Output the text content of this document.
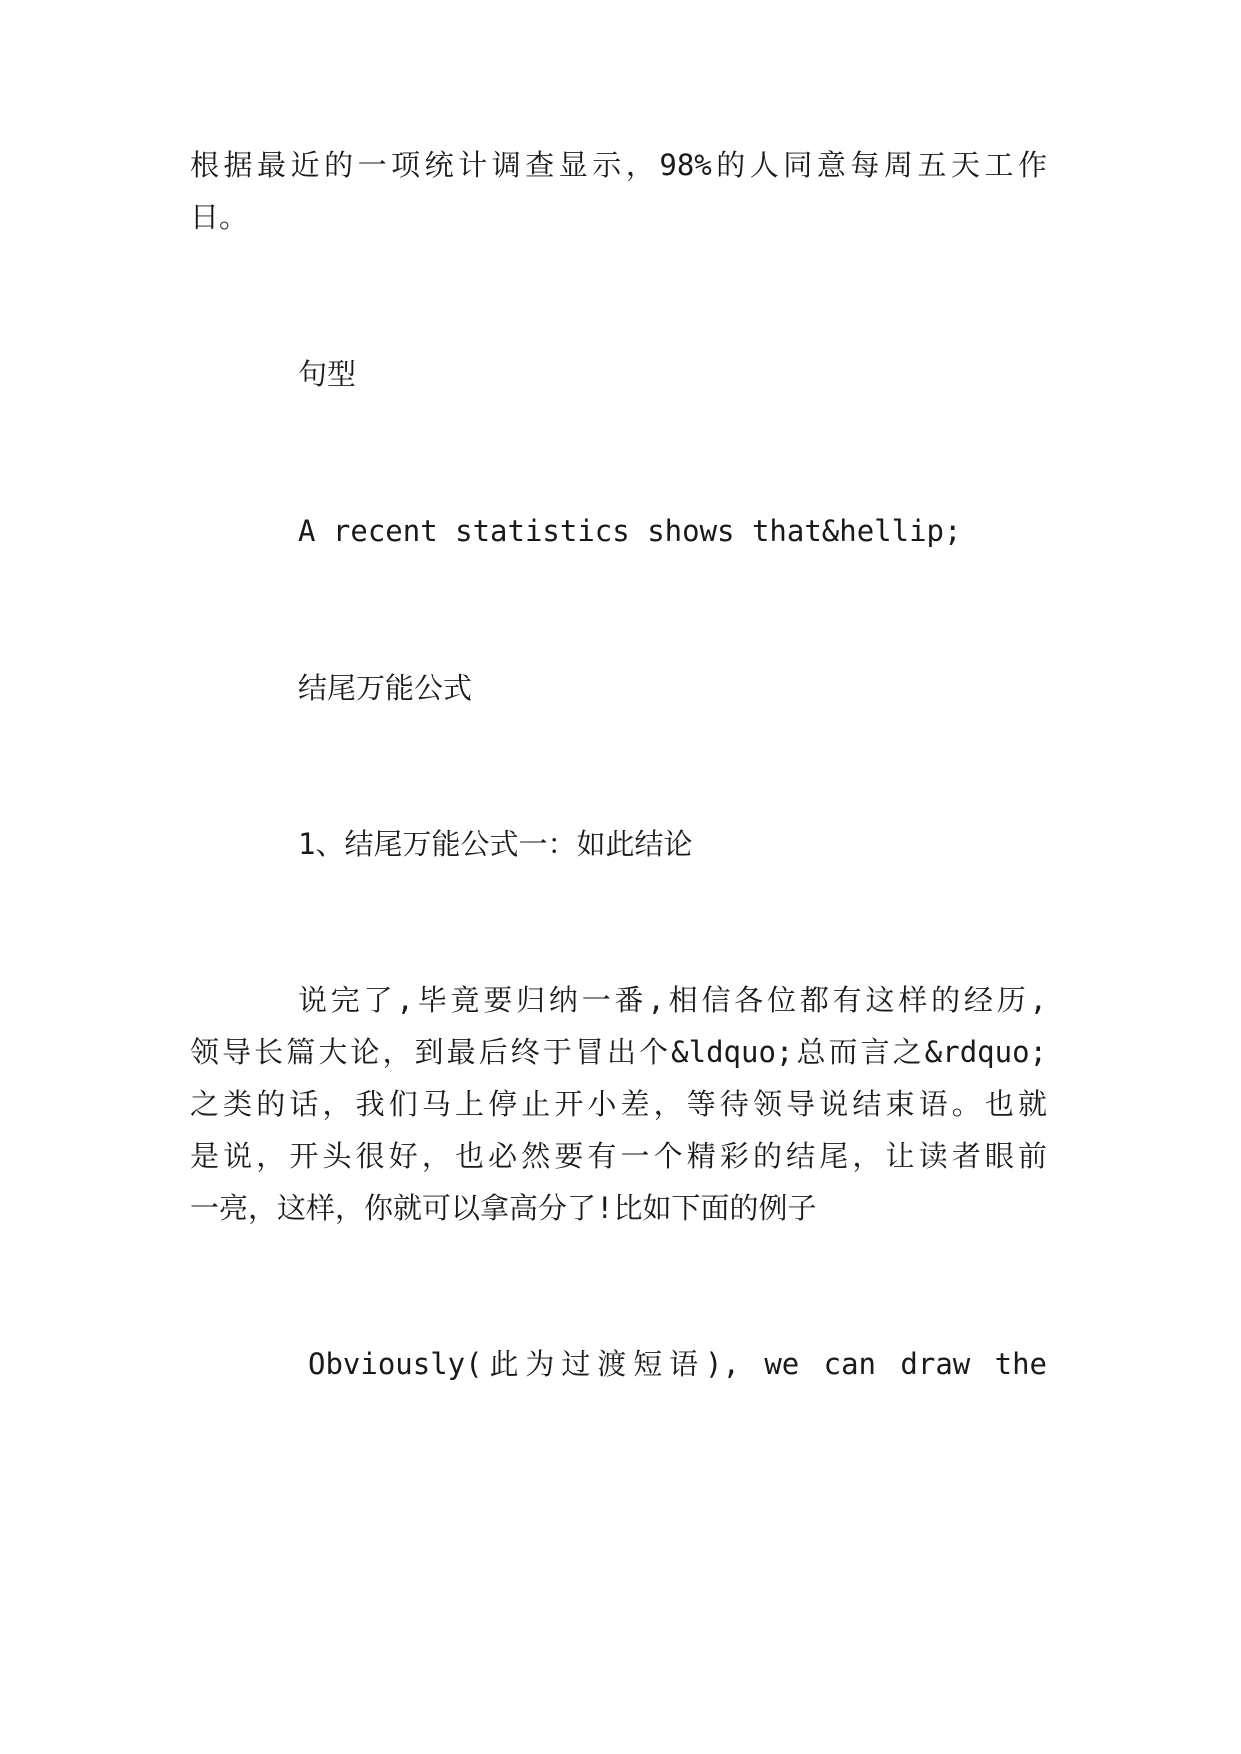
根据最近的一项统计调查显示，98%的人同意每周五天工作
日。
句型
A recent statistics shows that&hellip;
结尾万能公式
1、结尾万能公式一：如此结论
说完了,毕竟要归纳一番,相信各位都有这样的经历,
领导长篇大论，到最后终于冒出个&ldquo;总而言之&rdquo;
之类的话，我们马上停止开小差，等待领导说结束语。也就
是说，开头很好，也必然要有一个精彩的结尾，让读者眼前
一亮，这样，你就可以拿高分了!比如下面的例子
Obviously(此为过渡短语), we can draw the
